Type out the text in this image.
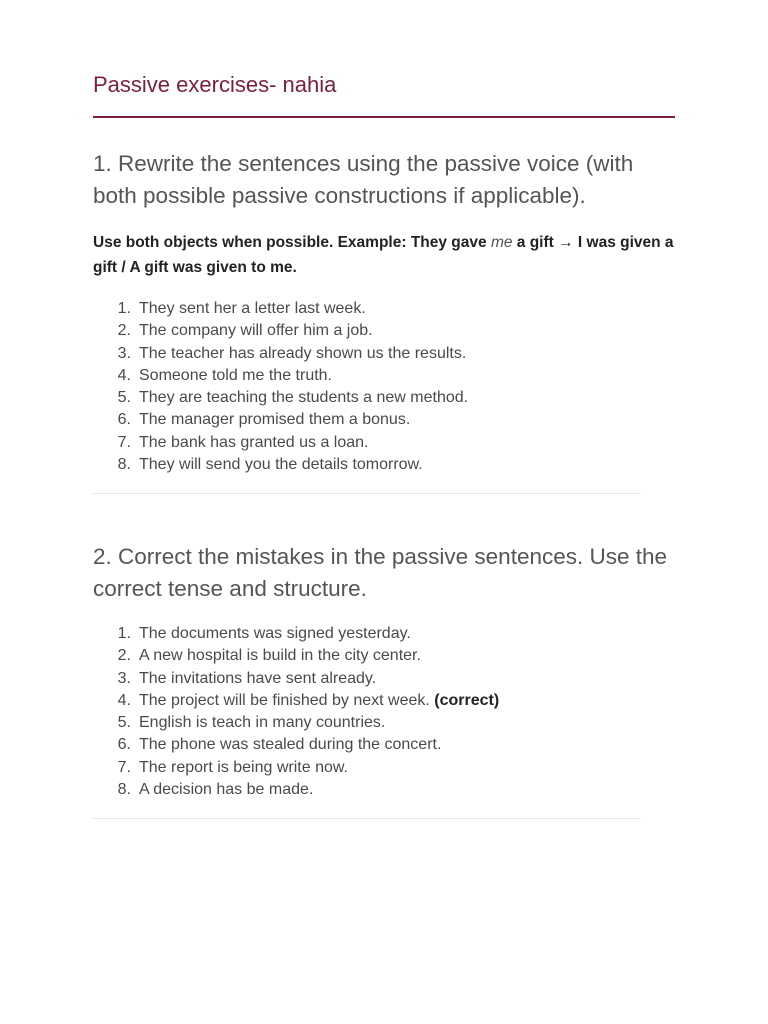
Passive exercises- nahia
1. Rewrite the sentences using the passive voice (with both possible passive constructions if applicable).

Use both objects when possible. Example: They gave me a gift → I was given a gift / A gift was given to me.

1. They sent her a letter last week.
2. The company will offer him a job.
3. The teacher has already shown us the results.
4. Someone told me the truth.
5. They are teaching the students a new method.
6. The manager promised them a bonus.
7. The bank has granted us a loan.
8. They will send you the details tomorrow.
2. Correct the mistakes in the passive sentences. Use the correct tense and structure.
1. The documents was signed yesterday.
2. A new hospital is build in the city center.
3. The invitations have sent already.
4. The project will be finished by next week. (correct)
5. English is teach in many countries.
6. The phone was stealed during the concert.
7. The report is being write now.
8. A decision has be made.
